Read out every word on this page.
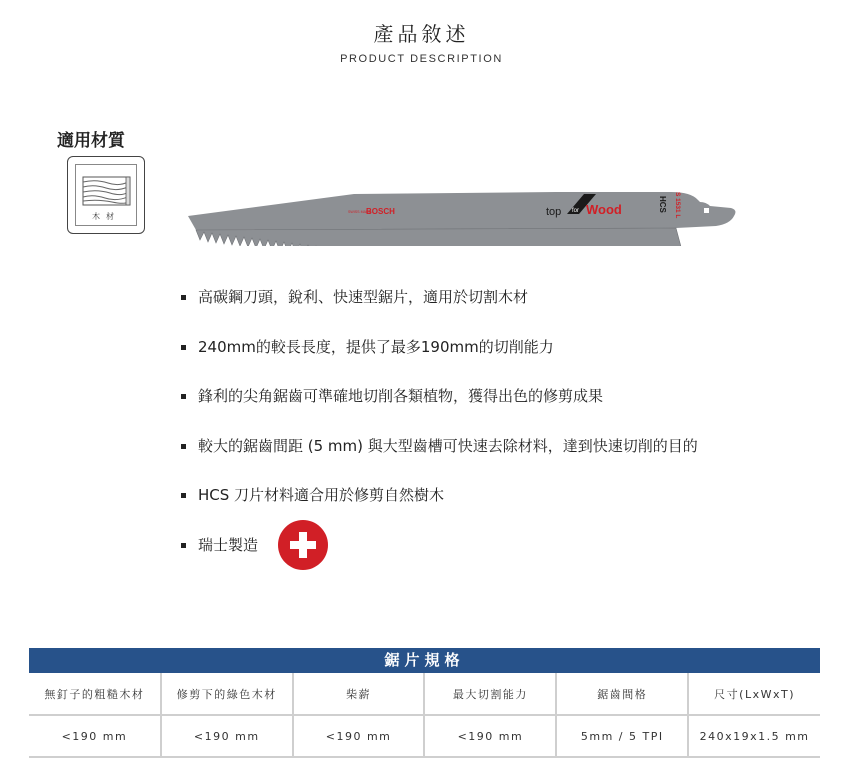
產品敘述
PRODUCT DESCRIPTION
適用材質
木材	SWISS MADE
BOSCH	top for Wood	S 1531 L
HCS
高碳鋼刀頭，銳利、快速型鋸片，適用於切割木材
240mm的較長長度，提供了最多190mm的切削能力
鋒利的尖角鋸齒可準確地切削各類植物，獲得出色的修剪成果
較大的鋸齒間距 (5 mm) 與大型齒槽可快速去除材料，達到快速切削的目的
HCS 刀片材料適合用於修剪自然樹木
瑞士製造
鋸片規格
無釘子的粗糙木材	修剪下的綠色木材	柴薪	最大切割能力	鋸齒間格	尺寸(LxWxT)
<190 mm	<190 mm	<190 mm	<190 mm	5mm / 5 TPI	240x19x1.5 mm
